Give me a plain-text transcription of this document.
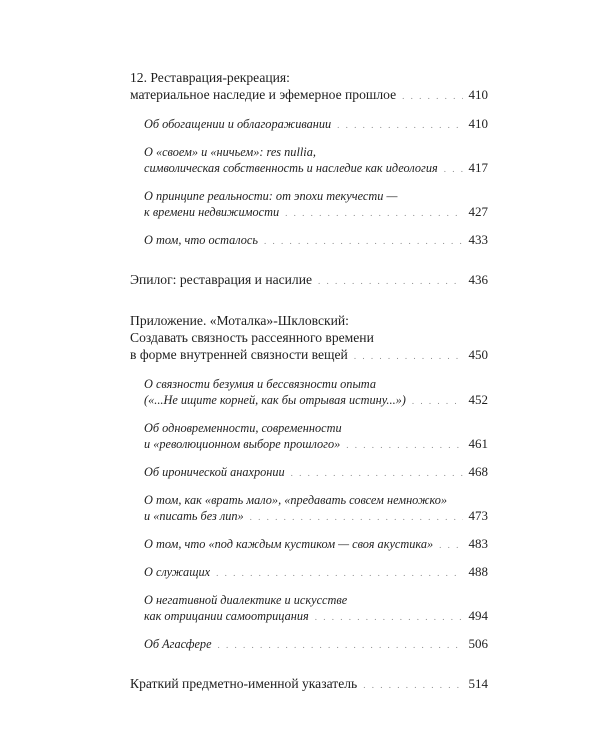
12. Реставрация-рекреация:
материальное наследие и эфемерное прошлое . . .	410
Об обогащении и облагораживании . . .	410
О «своем» и «ничьем»: res nullia,
символическая собственность и наследие как идеология . . . 417
О принципе реальности: от эпохи текучести —
к времени недвижимости . . .	427
О том, что осталось . . .	433
Эпилог: реставрация и насилие . . .	436
Приложение. «Моталка»-Шкловский:
Создавать связность рассеянного времени
в форме внутренней связности вещей . . .	450
О связности безумия и бессвязности опыта
(«...Не ищите корней, как бы отрывая истину...») . . .	452
Об одновременности, современности
и «революционном выборе прошлого» . . .	461
Об иронической анахронии . . .	468
О том, как «врать мало», «предавать совсем немножко»
и «писать без лип» . . .	473
О том, что «под каждым кустиком — своя акустика» . . .	483
О служащих . . .	488
О негативной диалектике и искусстве
как отрицании самоотрицания . . .	494
Об Агасфере . . .	506
Краткий предметно-именной указатель . . .	514
